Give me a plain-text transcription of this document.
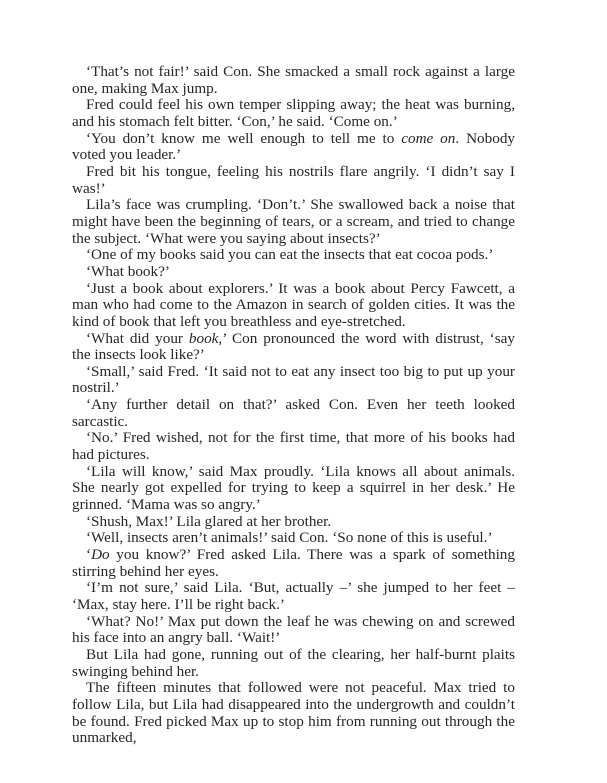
‘That’s not fair!’ said Con. She smacked a small rock against a large one, making Max jump.

Fred could feel his own temper slipping away; the heat was burning, and his stomach felt bitter. ‘Con,’ he said. ‘Come on.’

‘You don’t know me well enough to tell me to come on. Nobody voted you leader.’

Fred bit his tongue, feeling his nostrils flare angrily. ‘I didn’t say I was!’

Lila’s face was crumpling. ‘Don’t.’ She swallowed back a noise that might have been the beginning of tears, or a scream, and tried to change the subject. ‘What were you saying about insects?’

‘One of my books said you can eat the insects that eat cocoa pods.’

‘What book?’

‘Just a book about explorers.’ It was a book about Percy Fawcett, a man who had come to the Amazon in search of golden cities. It was the kind of book that left you breathless and eye-stretched.

‘What did your book,’ Con pronounced the word with distrust, ‘say the insects look like?’

‘Small,’ said Fred. ‘It said not to eat any insect too big to put up your nostril.’

‘Any further detail on that?’ asked Con. Even her teeth looked sarcastic.

‘No.’ Fred wished, not for the first time, that more of his books had had pictures.

‘Lila will know,’ said Max proudly. ‘Lila knows all about animals. She nearly got expelled for trying to keep a squirrel in her desk.’ He grinned. ‘Mama was so angry.’

‘Shush, Max!’ Lila glared at her brother.

‘Well, insects aren’t animals!’ said Con. ‘So none of this is useful.’

‘Do you know?’ Fred asked Lila. There was a spark of something stirring behind her eyes.

‘I’m not sure,’ said Lila. ‘But, actually –’ she jumped to her feet – ‘Max, stay here. I’ll be right back.’

‘What? No!’ Max put down the leaf he was chewing on and screwed his face into an angry ball. ‘Wait!’

But Lila had gone, running out of the clearing, her half-burnt plaits swinging behind her.

The fifteen minutes that followed were not peaceful. Max tried to follow Lila, but Lila had disappeared into the undergrowth and couldn’t be found. Fred picked Max up to stop him from running out through the unmarked,
